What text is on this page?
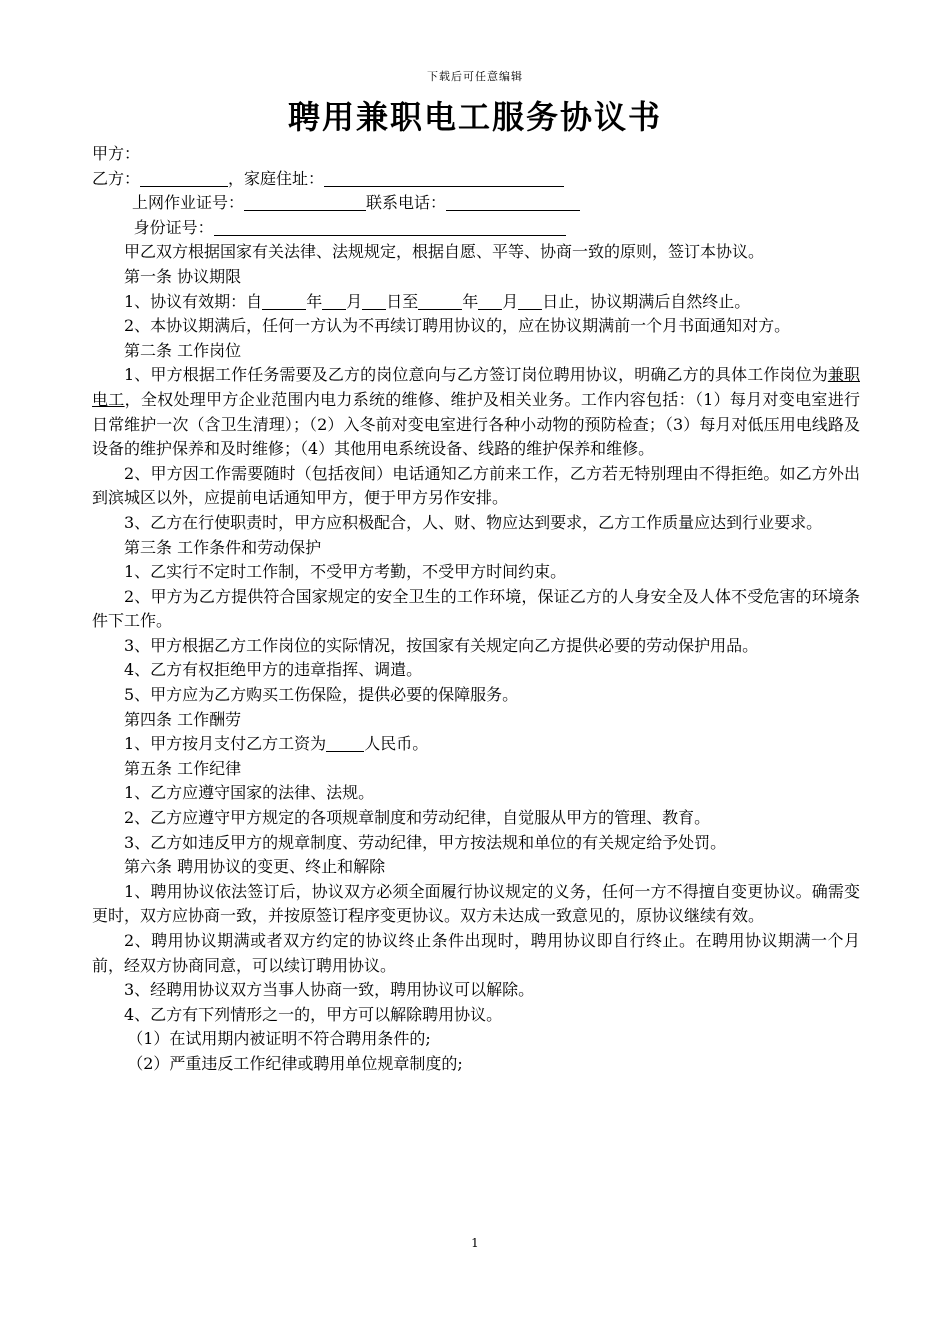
下载后可任意编辑
聘用兼职电工服务协议书
甲方：
乙方：	，家庭住址：
上网作业证号：	联系电话：
身份证号：
甲乙双方根据国家有关法律、法规规定，根据自愿、平等、协商一致的原则，签订本协议。
第一条 协议期限
1、协议有效期：自	年 月 日至	年 月 日止，协议期满后自然终止。
2、本协议期满后，任何一方认为不再续订聘用协议的，应在协议期满前一个月书面通知对方。
第二条 工作岗位
1、甲方根据工作任务需要及乙方的岗位意向与乙方签订岗位聘用协议，明确乙方的具体工作岗位为兼职电工，全权处理甲方企业范围内电力系统的维修、维护及相关业务。工作内容包括：（1）每月对变电室进行日常维护一次（含卫生清理）；（2）入冬前对变电室进行各种小动物的预防检查；（3）每月对低压用电线路及设备的维护保养和及时维修；（4）其他用电系统设备、线路的维护保养和维修。
2、甲方因工作需要随时（包括夜间）电话通知乙方前来工作，乙方若无特别理由不得拒绝。如乙方外出到滨城区以外，应提前电话通知甲方，便于甲方另作安排。
3、乙方在行使职责时，甲方应积极配合，人、财、物应达到要求，乙方工作质量应达到行业要求。
第三条 工作条件和劳动保护
1、乙实行不定时工作制，不受甲方考勤，不受甲方时间约束。
2、甲方为乙方提供符合国家规定的安全卫生的工作环境，保证乙方的人身安全及人体不受危害的环境条件下工作。
3、甲方根据乙方工作岗位的实际情况，按国家有关规定向乙方提供必要的劳动保护用品。
4、乙方有权拒绝甲方的违章指挥、调遣。
5、甲方应为乙方购买工伤保险，提供必要的保障服务。
第四条 工作酬劳
1、甲方按月支付乙方工资为 人民币。
第五条 工作纪律
1、乙方应遵守国家的法律、法规。
2、乙方应遵守甲方规定的各项规章制度和劳动纪律，自觉服从甲方的管理、教育。
3、乙方如违反甲方的规章制度、劳动纪律，甲方按法规和单位的有关规定给予处罚。
第六条 聘用协议的变更、终止和解除
1、聘用协议依法签订后，协议双方必须全面履行协议规定的义务，任何一方不得擅自变更协议。确需变更时，双方应协商一致，并按原签订程序变更协议。双方未达成一致意见的，原协议继续有效。
2、聘用协议期满或者双方约定的协议终止条件出现时，聘用协议即自行终止。在聘用协议期满一个月前，经双方协商同意，可以续订聘用协议。
3、经聘用协议双方当事人协商一致，聘用协议可以解除。
4、乙方有下列情形之一的，甲方可以解除聘用协议。
（1）在试用期内被证明不符合聘用条件的;
（2）严重违反工作纪律或聘用单位规章制度的;
1
